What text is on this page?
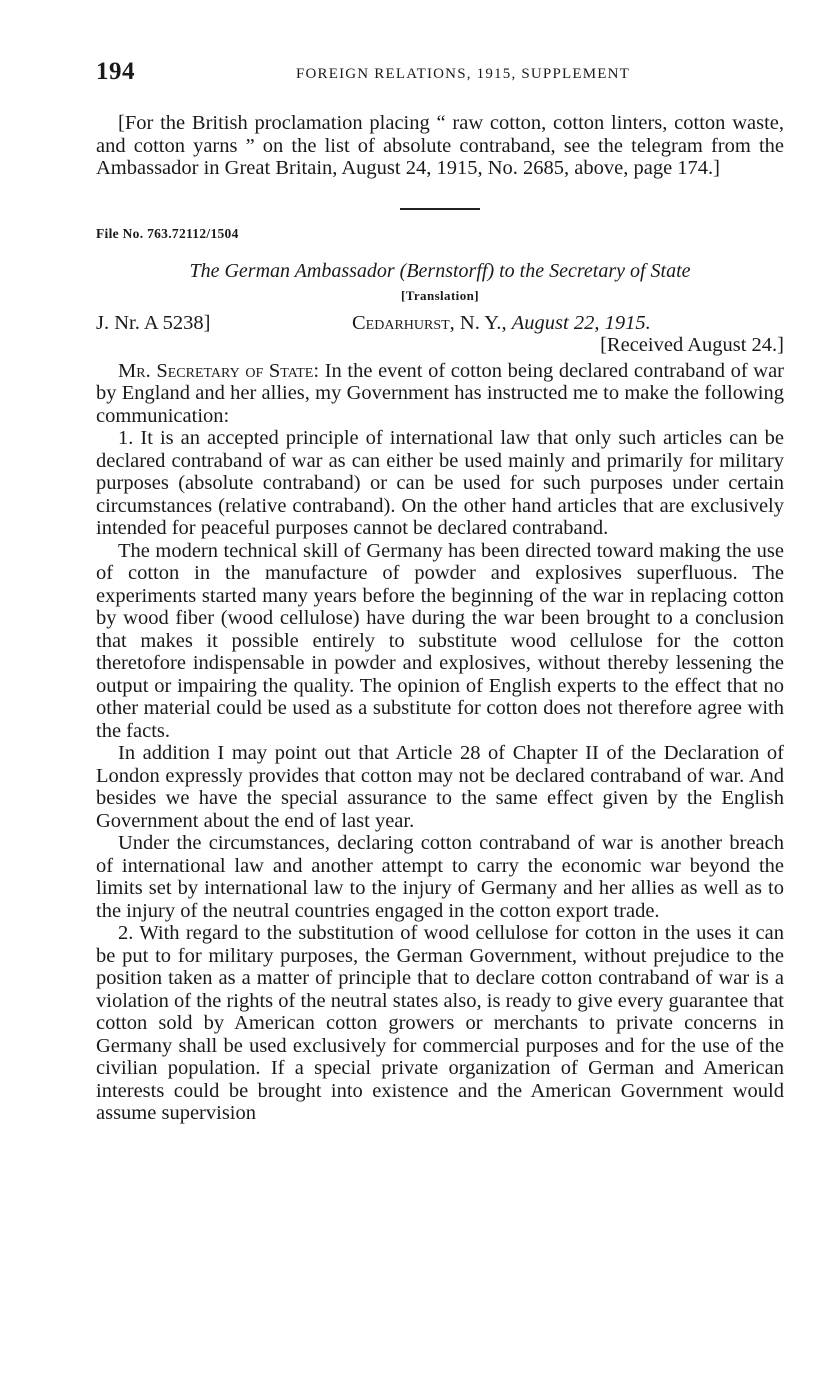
194	FOREIGN RELATIONS, 1915, SUPPLEMENT

[For the British proclamation placing “ raw cotton, cotton linters, cotton waste, and cotton yarns ” on the list of absolute contraband, see the telegram from the Ambassador in Great Britain, August 24, 1915, No. 2685, above, page 174.]

File No. 763.72112/1504
The German Ambassador (Bernstorff) to the Secretary of State
[Translation]
J. Nr. A 5238]	Cedarhurst, N. Y., August 22, 1915.
[Received August 24.]

Mr. Secretary of State: In the event of cotton being declared contraband of war by England and her allies, my Government has instructed me to make the following communication:

1. It is an accepted principle of international law that only such articles can be declared contraband of war as can either be used mainly and primarily for military purposes (absolute contraband) or can be used for such purposes under certain circumstances (relative contraband). On the other hand articles that are exclusively intended for peaceful purposes cannot be declared contraband.

The modern technical skill of Germany has been directed toward making the use of cotton in the manufacture of powder and explosives superfluous. The experiments started many years before the beginning of the war in replacing cotton by wood fiber (wood cellulose) have during the war been brought to a conclusion that makes it possible entirely to substitute wood cellulose for the cotton theretofore indispensable in powder and explosives, without thereby lessening the output or impairing the quality. The opinion of English experts to the effect that no other material could be used as a substitute for cotton does not therefore agree with the facts.

In addition I may point out that Article 28 of Chapter II of the Declaration of London expressly provides that cotton may not be declared contraband of war. And besides we have the special assurance to the same effect given by the English Government about the end of last year.

Under the circumstances, declaring cotton contraband of war is another breach of international law and another attempt to carry the economic war beyond the limits set by international law to the injury of Germany and her allies as well as to the injury of the neutral countries engaged in the cotton export trade.

2. With regard to the substitution of wood cellulose for cotton in the uses it can be put to for military purposes, the German Government, without prejudice to the position taken as a matter of principle that to declare cotton contraband of war is a violation of the rights of the neutral states also, is ready to give every guarantee that cotton sold by American cotton growers or merchants to private concerns in Germany shall be used exclusively for commercial purposes and for the use of the civilian population. If a special private organization of German and American interests could be brought into existence and the American Government would assume supervision
